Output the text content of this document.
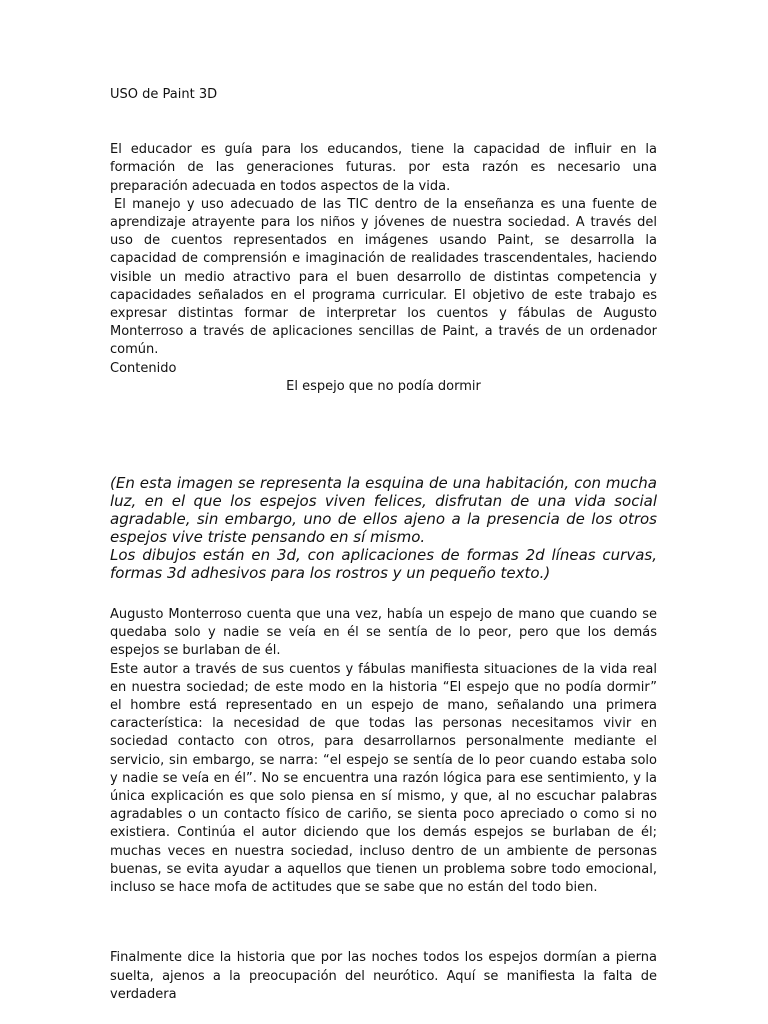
USO de Paint 3D

El educador es guía para los educandos, tiene la capacidad de influir en la formación de las generaciones futuras. por esta razón es necesario una preparación adecuada en todos aspectos de la vida.

El manejo y uso adecuado de las TIC dentro de la enseñanza es una fuente de aprendizaje atrayente para los niños y jóvenes de nuestra sociedad. A través del uso de cuentos representados en imágenes usando Paint, se desarrolla la capacidad de comprensión e imaginación de realidades trascendentales, haciendo visible un medio atractivo para el buen desarrollo de distintas competencia y capacidades señalados en el programa curricular. El objetivo de este trabajo es expresar distintas formar de interpretar los cuentos y fábulas de Augusto Monterroso a través de aplicaciones sencillas de Paint, a través de un ordenador común.

Contenido

El espejo que no podía dormir

(En esta imagen se representa la esquina de una habitación, con mucha luz, en el que los espejos viven felices, disfrutan de una vida social agradable, sin embargo, uno de ellos ajeno a la presencia de los otros espejos vive triste pensando en sí mismo.
Los dibujos están en 3d, con aplicaciones de formas 2d líneas curvas, formas 3d adhesivos para los rostros y un pequeño texto.)

Augusto Monterroso cuenta que una vez, había un espejo de mano que cuando se quedaba solo y nadie se veía en él se sentía de lo peor, pero que los demás espejos se burlaban de él.

Este autor a través de sus cuentos y fábulas manifiesta situaciones de la vida real en nuestra sociedad; de este modo en la historia “El espejo que no podía dormir” el hombre está representado en un espejo de mano, señalando una primera característica: la necesidad de que todas las personas necesitamos vivir en sociedad contacto con otros, para desarrollarnos personalmente mediante el servicio, sin embargo, se narra: “el espejo se sentía de lo peor cuando estaba solo y nadie se veía en él”. No se encuentra una razón lógica para ese sentimiento, y la única explicación es que solo piensa en sí mismo, y que, al no escuchar palabras agradables o un contacto físico de cariño, se sienta poco apreciado o como si no existiera. Continúa el autor diciendo que los demás espejos se burlaban de él; muchas veces en nuestra sociedad, incluso dentro de un ambiente de personas buenas, se evita ayudar a aquellos que tienen un problema sobre todo emocional, incluso se hace mofa de actitudes que se sabe que no están del todo bien.

Finalmente dice la historia que por las noches todos los espejos dormían a pierna suelta, ajenos a la preocupación del neurótico. Aquí se manifiesta la falta de verdadera
